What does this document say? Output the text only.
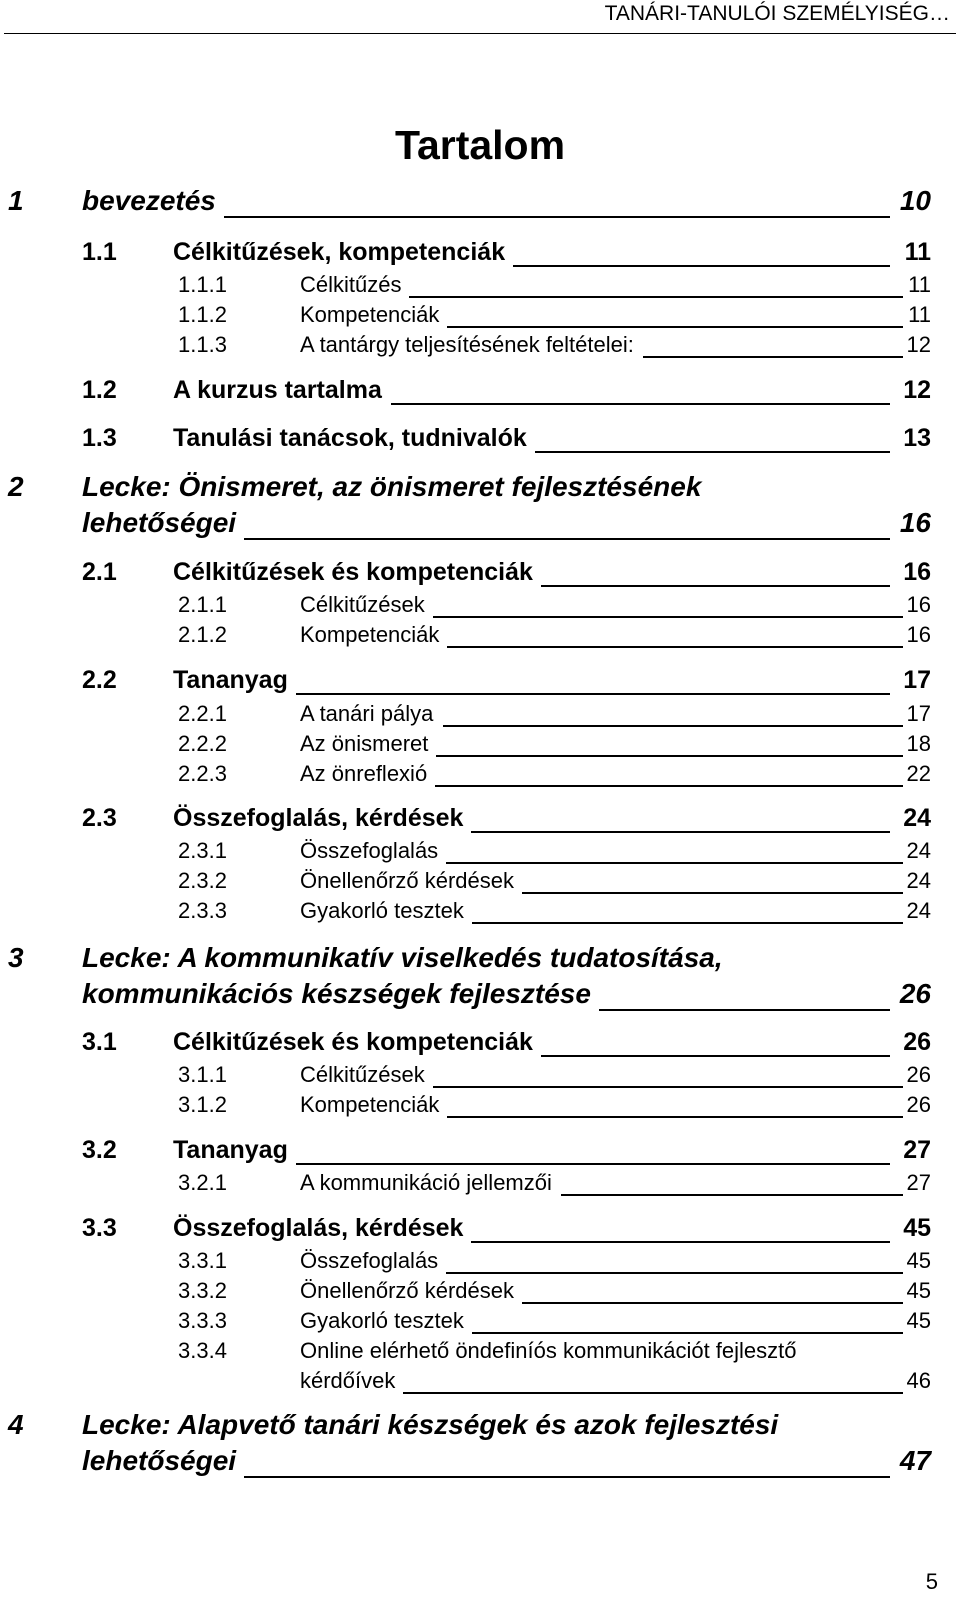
TANÁRI-TANULÓI SZEMÉLYISÉG…
Tartalom
1 bevezetés	10
1.1 Célkitűzések, kompetenciák	11
1.1.1	Célkitűzés	11
1.1.2	Kompetenciák	11
1.1.3	A tantárgy teljesítésének feltételei:	12
1.2 A kurzus tartalma	12
1.3 Tanulási tanácsok, tudnivalók	13
2 Lecke: Önismeret, az önismeret fejlesztésének
lehetőségei	16
2.1 Célkitűzések és kompetenciák	16
2.1.1	Célkitűzések	16
2.1.2	Kompetenciák	16
2.2 Tananyag	17
2.2.1	A tanári pálya	17
2.2.2	Az önismeret	18
2.2.3	Az önreflexió	22
2.3 Összefoglalás, kérdések	24
2.3.1	Összefoglalás	24
2.3.2	Önellenőrző kérdések	24
2.3.3	Gyakorló tesztek	24
3 Lecke: A kommunikatív viselkedés tudatosítása,
kommunikációs készségek fejlesztése	26
3.1 Célkitűzések és kompetenciák	26
3.1.1	Célkitűzések	26
3.1.2	Kompetenciák	26
3.2 Tananyag	27
3.2.1	A kommunikáció jellemzői	27
3.3 Összefoglalás, kérdések	45
3.3.1	Összefoglalás	45
3.3.2	Önellenőrző kérdések	45
3.3.3	Gyakorló tesztek	45
3.3.4	Online elérhető öndefiníós kommunikációt fejlesztő
kérdőívek	46
4 Lecke: Alapvető tanári készségek és azok fejlesztési
lehetőségei	47
5
